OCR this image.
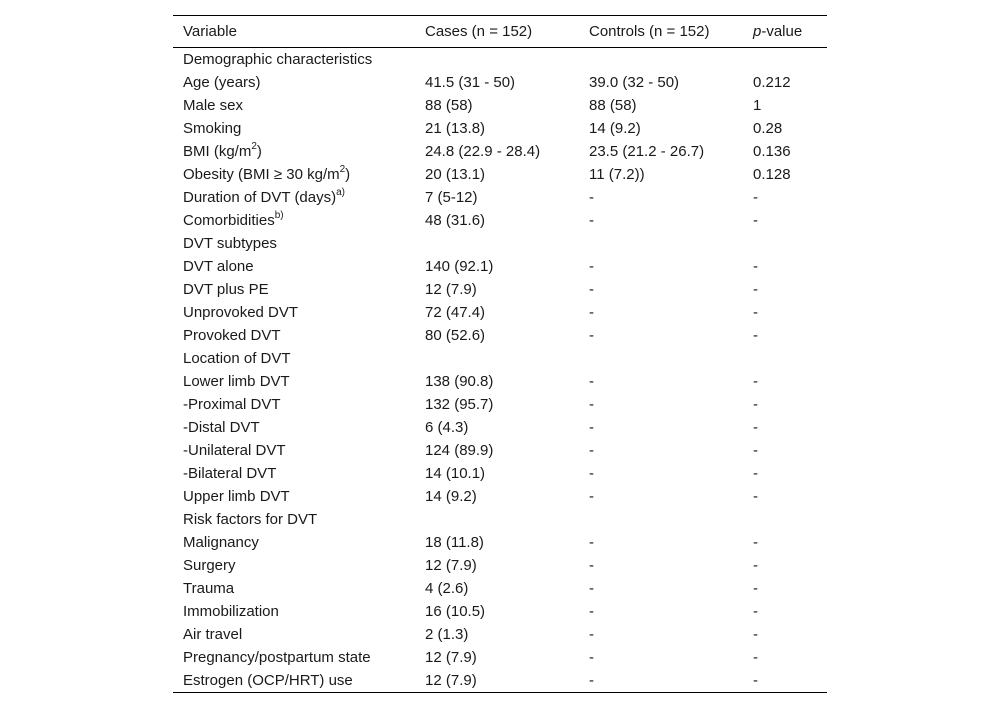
Variable	Cases (n = 152)	Controls (n = 152)	p-value
Demographic characteristics			
Age (years)	41.5 (31 - 50)	39.0 (32 - 50)	0.212
Male sex	88 (58)	88 (58)	1
Smoking	21 (13.8)	14 (9.2)	0.28
BMI $(kg/m^2)$	24.8 (22.9 - 28.4)	23.5 (21.2 - 26.7)	0.136
Obesity (BMI ≥ 30 $kg/m^2$)	20 (13.1)	11 (7.2))	0.128
Duration of DVT (days)$^{a)}$	7 (5-12)	-	-
Comorbidities$^{b)}$	48 (31.6)	-	-
DVT subtypes			
DVT alone	140 (92.1)	-	-
DVT plus PE	12 (7.9)	-	-
Unprovoked DVT	72 (47.4)	-	-
Provoked DVT	80 (52.6)	-	-
Location of DVT			
Lower limb DVT	138 (90.8)	-	-
-Proximal DVT	132 (95.7)	-	-
-Distal DVT	6 (4.3)	-	-
-Unilateral DVT	124 (89.9)	-	-
-Bilateral DVT	14 (10.1)	-	-
Upper limb DVT	14 (9.2)	-	-
Risk factors for DVT			
Malignancy	18 (11.8)	-	-
Surgery	12 (7.9)	-	-
Trauma	4 (2.6)	-	-
Immobilization	16 (10.5)	-	-
Air travel	2 (1.3)	-	-
Pregnancy/postpartum state	12 (7.9)	-	-
Estrogen (OCP/HRT) use	12 (7.9)	-	-
